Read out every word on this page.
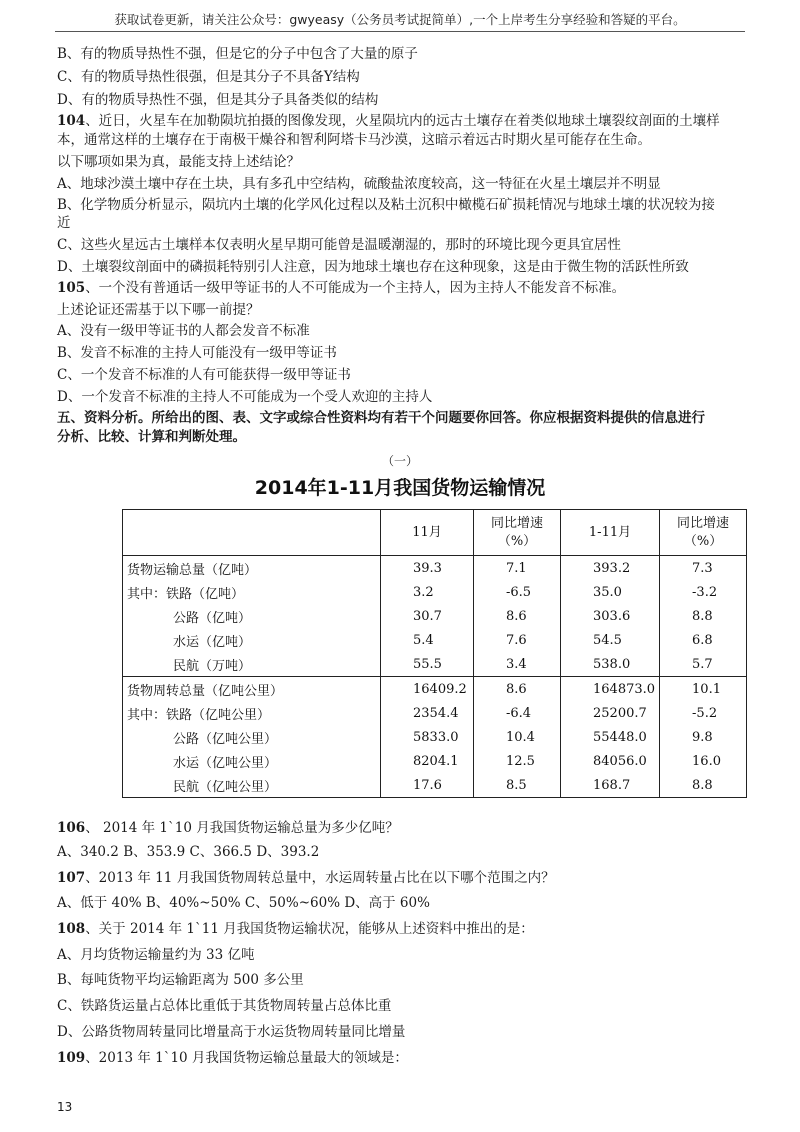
获取试卷更新，请关注公众号：gwyeasy（公务员考试捉简单）,一个上岸考生分享经验和答疑的平台。
B、有的物质导热性不强，但是它的分子中包含了大量的原子
C、有的物质导热性很强，但是其分子不具备Y结构
D、有的物质导热性不强，但是其分子具备类似的结构
104、近日，火星车在加勒陨坑拍摄的图像发现，火星陨坑内的远古土壤存在着类似地球土壤裂纹剖面的土壤样
本，通常这样的土壤存在于南极干燥谷和智利阿塔卡马沙漠，这暗示着远古时期火星可能存在生命。
以下哪项如果为真，最能支持上述结论？
A、地球沙漠土壤中存在土块，具有多孔中空结构，硫酸盐浓度较高，这一特征在火星土壤层并不明显
B、化学物质分析显示，陨坑内土壤的化学风化过程以及粘土沉积中橄榄石矿损耗情况与地球土壤的状况较为接
近
C、这些火星远古土壤样本仅表明火星早期可能曾是温暖潮湿的，那时的环境比现今更具宜居性
D、土壤裂纹剖面中的磷损耗特别引人注意，因为地球土壤也存在这种现象，这是由于微生物的活跃性所致
105、一个没有普通话一级甲等证书的人不可能成为一个主持人，因为主持人不能发音不标准。
上述论证还需基于以下哪一前提？
A、没有一级甲等证书的人都会发音不标准
B、发音不标准的主持人可能没有一级甲等证书
C、一个发音不标准的人有可能获得一级甲等证书
D、一个发音不标准的主持人不可能成为一个受人欢迎的主持人
五、资料分析。所给出的图、表、文字或综合性资料均有若干个问题要你回答。你应根据资料提供的信息进行
分析、比较、计算和判断处理。
（一）
2014年1-11月我国货物运输情况
	11月	同比增速
（%）	1-11月	同比增速
（%）
货物运输总量（亿吨）	39.3	7.1	393.2	7.3
其中：铁路（亿吨）	3.2	-6.5	35.0	-3.2
公路（亿吨）	30.7	8.6	303.6	8.8
水运（亿吨）	5.4	7.6	54.5	6.8
民航（万吨）	55.5	3.4	538.0	5.7
货物周转总量（亿吨公里）	16409.2	8.6	164873.0	10.1
其中：铁路（亿吨公里）	2354.4	-6.4	25200.7	-5.2
公路（亿吨公里）	5833.0	10.4	55448.0	9.8
水运（亿吨公里）	8204.1	12.5	84056.0	16.0
民航（亿吨公里）	17.6	8.5	168.7	8.8
106、 2014 年 1`10 月我国货物运输总量为多少亿吨？
A、340.2 B、353.9 C、366.5 D、393.2
107、2013 年 11 月我国货物周转总量中，水运周转量占比在以下哪个范围之内？
A、低于 40% B、40%~50% C、50%~60% D、高于 60%
108、关于 2014 年 1`11 月我国货物运输状况，能够从上述资料中推出的是：
A、月均货物运输量约为 33 亿吨
B、每吨货物平均运输距离为 500 多公里
C、铁路货运量占总体比重低于其货物周转量占总体比重
D、公路货物周转量同比增量高于水运货物周转量同比增量
109、2013 年 1`10 月我国货物运输总量最大的领域是：
13
